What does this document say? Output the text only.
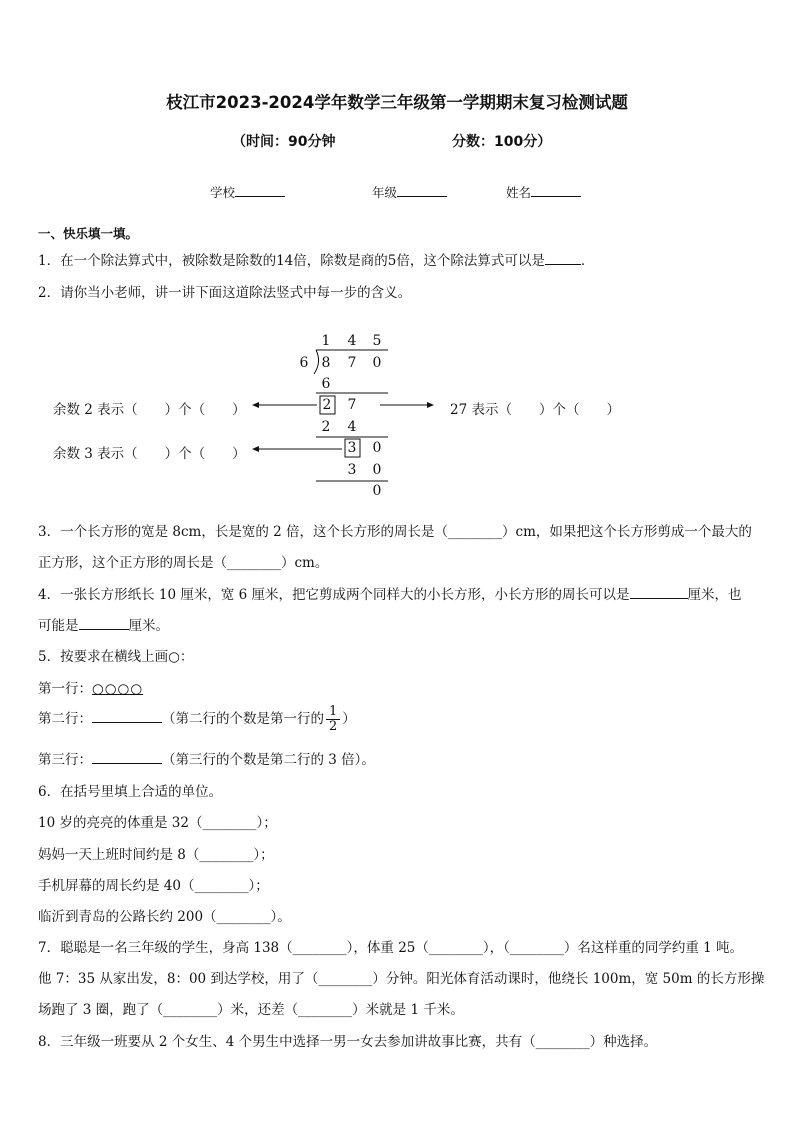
枝江市2023-2024学年数学三年级第一学期期末复习检测试题
（时间：90分钟	分数：100分）
学校	年级	姓名
一、快乐填一填。
1．在一个除法算式中，被除数是除数的14倍，除数是商的5倍，这个除法算式可以是	．
2．请你当小老师，讲一讲下面这道除法竖式中每一步的含义。
1 4 5
6 8 7 0
6
2 7
2 4
3 0
3 0
0
余数 2 表示（　　）个（　　）	27 表示（　　）个（　　）
余数 3 表示（　　）个（　　）
3．一个长方形的宽是 8cm，长是宽的 2 倍，这个长方形的周长是（________）cm，如果把这个长方形剪成一个最大的
正方形，这个正方形的周长是（________）cm。
4．一张长方形纸长 10 厘米，宽 6 厘米，把它剪成两个同样大的小长方形，小长方形的周长可以是	厘米，也
可能是	厘米。
5．按要求在横线上画○：
第一行：○○○○
第二行：	（第二行的个数是第一行的 $\frac{1}{2}$ ）
第三行：	（第三行的个数是第二行的 3 倍）。
6．在括号里填上合适的单位。
10 岁的亮亮的体重是 32（________）；
妈妈一天上班时间约是 8（________）；
手机屏幕的周长约是 40（________）；
临沂到青岛的公路长约 200（________）。
7．聪聪是一名三年级的学生，身高 138（________），体重 25（________），（________）名这样重的同学约重 1 吨。
他 7：35 从家出发，8：00 到达学校，用了（________）分钟。阳光体育活动课时，他绕长 100m，宽 50m 的长方形操
场跑了 3 圈，跑了（________）米，还差（________）米就是 1 千米。
8．三年级一班要从 2 个女生、4 个男生中选择一男一女去参加讲故事比赛，共有（________）种选择。
